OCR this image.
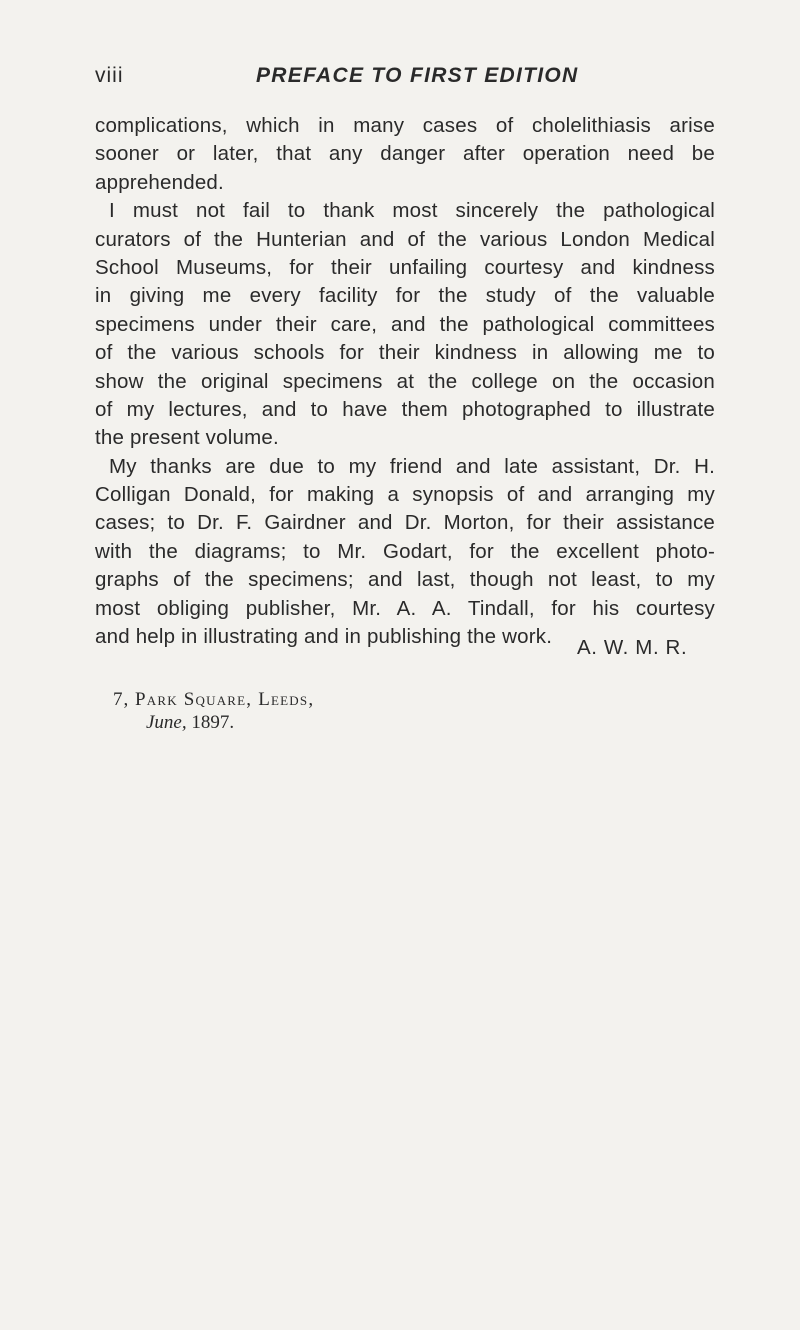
viii	PREFACE TO FIRST EDITION
complications, which in many cases of cholelithiasis arise
sooner or later, that any danger after operation need be
apprehended.
I must not fail to thank most sincerely the pathological
curators of the Hunterian and of the various London Medical
School Museums, for their unfailing courtesy and kindness
in giving me every facility for the study of the valuable
specimens under their care, and the pathological committees
of the various schools for their kindness in allowing me to
show the original specimens at the college on the occasion
of my lectures, and to have them photographed to illustrate
the present volume.
My thanks are due to my friend and late assistant, Dr. H.
Colligan Donald, for making a synopsis of and arranging my
cases; to Dr. F. Gairdner and Dr. Morton, for their assistance
with the diagrams; to Mr. Godart, for the excellent photo-
graphs of the specimens; and last, though not least, to my
most obliging publisher, Mr. A. A. Tindall, for his courtesy
and help in illustrating and in publishing the work.	A. W. M. R.
7, Park Square, Leeds,
June, 1897.
